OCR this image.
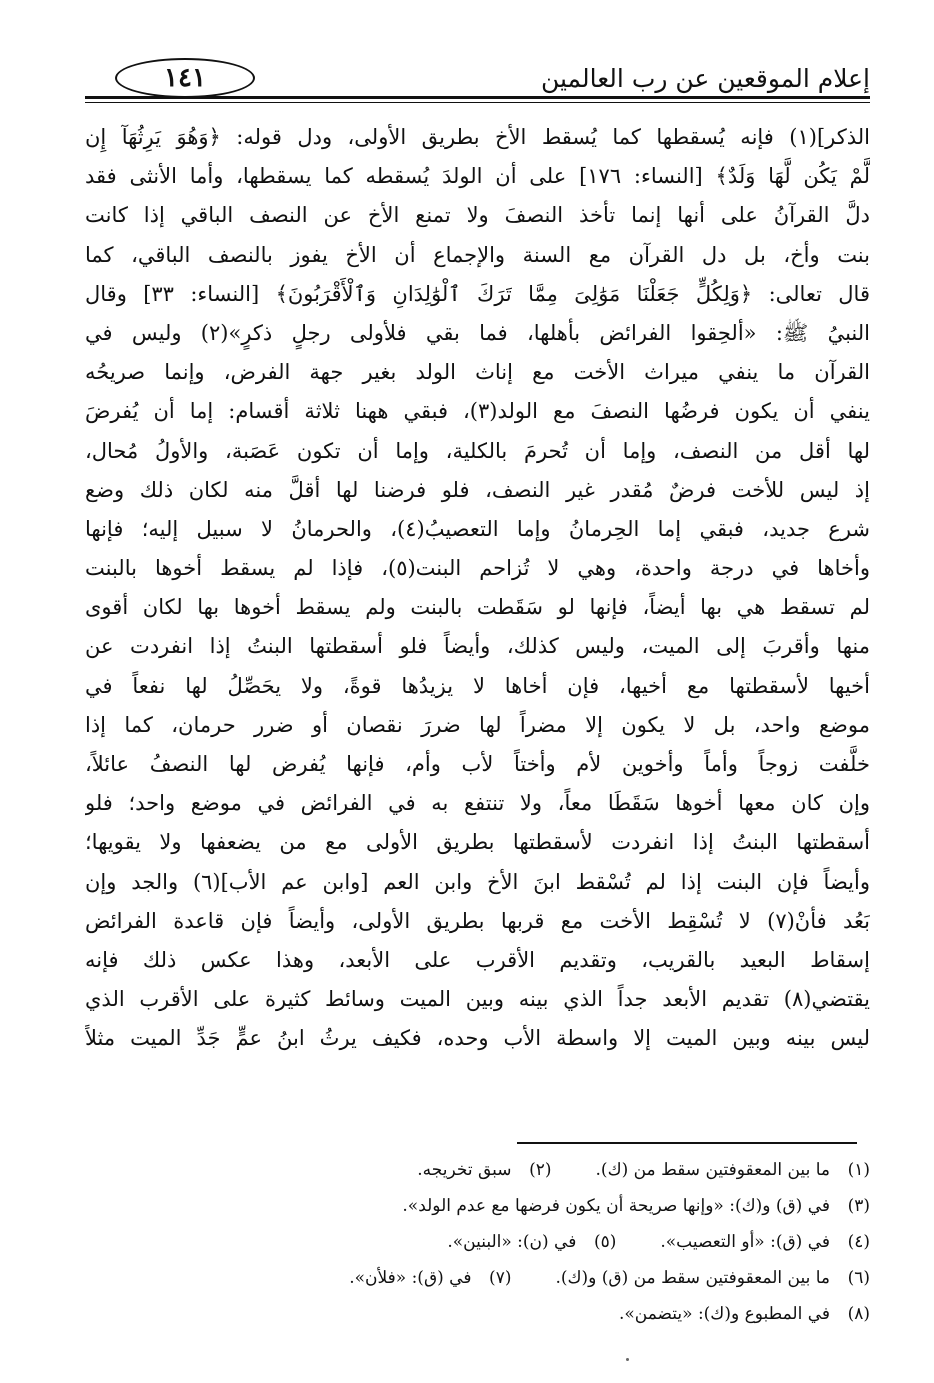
١٤١	إعلام الموقعين عن رب العالمين
الذكر](١) فإنه يُسقطها كما يُسقط الأخ بطريق الأولى، ودل قوله: ﴿وَهُوَ يَرِثُهَآ إِن
لَّمْ يَكُن لَّهَا وَلَدٌ﴾ [النساء: ١٧٦] على أن الولدَ يُسقطه كما يسقطها، وأما الأنثى فقد
دلَّ القرآنُ على أنها إنما تأخذ النصفَ ولا تمنع الأخ عن النصف الباقي إذا كانت
بنت وأخ، بل دل القرآن مع السنة والإجماع أن الأخ يفوز بالنصف الباقي، كما
قال تعالى: ﴿وَلِكُلٍّ جَعَلْنَا مَوَٰلِىَ مِمَّا تَرَكَ ٱلْوَٰلِدَانِ وَٱلْأَقْرَبُونَ﴾ [النساء: ٣٣] وقال
النبيُ ﷺ: «ألحِقوا الفرائض بأهلها، فما بقي فلأولى رجلٍ ذكرٍ»(٢) وليس في
القرآن ما ينفي ميراث الأخت مع إناث الولد بغير جهة الفرض، وإنما صريحُه
ينفي أن يكون فرضُها النصفَ مع الولد(٣)، فبقي ههنا ثلاثة أقسام: إما أن يُفرضَ
لها أقل من النصف، وإما أن تُحرمَ بالكلية، وإما أن تكون عَصَبة، والأولُ مُحال،
إذ ليس للأخت فرضٌ مُقدر غير النصف، فلو فرضنا لها أقلَّ منه لكان ذلك وضع
شرع جديد، فبقي إما الحِرمانُ وإما التعصيبُ(٤)، والحرمانُ لا سبيل إليه؛ فإنها
وأخاها في درجة واحدة، وهي لا تُزاحم البنت(٥)، فإذا لم يسقط أخوها بالبنت
لم تسقط هي بها أيضاً، فإنها لو سَقَطت بالبنت ولم يسقط أخوها بها لكان أقوى
منها وأقربَ إلى الميت، وليس كذلك، وأيضاً فلو أسقطتها البنتُ إذا انفردت عن
أخيها لأسقطتها مع أخيها، فإن أخاها لا يزيدُها قوةً، ولا يحَصِّلُ لها نفعاً في
موضع واحد، بل لا يكون إلا مضراً لها ضررَ نقصان أو ضرر حرمان، كما إذا
خلَّفت زوجاً وأماً وأخوين لأم وأختاً لأب وأم، فإنها يُفرض لها النصفُ عائلاً،
وإن كان معها أخوها سَقَطَا معاً، ولا تنتفع به في الفرائض في موضع واحد؛ فلو
أسقطتها البنتُ إذا انفردت لأسقطتها بطريق الأولى مع من يضعفها ولا يقويها؛
وأيضاً فإن البنت إذا لم تُسْقط ابنَ الأخ وابن العم [وابن عم الأب](٦) والجد وإن
بَعُد فأنْ(٧) لا تُسْقِط الأخت مع قربها بطريق الأولى، وأيضاً فإن قاعدة الفرائض
إسقاط البعيد بالقريب، وتقديم الأقرب على الأبعد، وهذا عكس ذلك فإنه
يقتضي(٨) تقديم الأبعد جداً الذي بينه وبين الميت وسائط كثيرة على الأقرب الذي
ليس بينه وبين الميت إلا واسطة الأب وحده، فكيف يرثُ ابنُ عمٍّ جَدِّ الميت مثلاً
(١)
ما بين المعقوفتين سقط من (ك).
(٢)
سبق تخريجه.
(٣)
في (ق) و(ك): «وإنها صريحة أن يكون فرضها مع عدم الولد».
(٤)
في (ق): «أو التعصيب».
(٥)
في (ن): «البنين».
(٦)
ما بين المعقوفتين سقط من (ق) و(ك).
(٧)
في (ق): «فلأن».
(٨)
في المطبوع و(ك): «يتضمن».
